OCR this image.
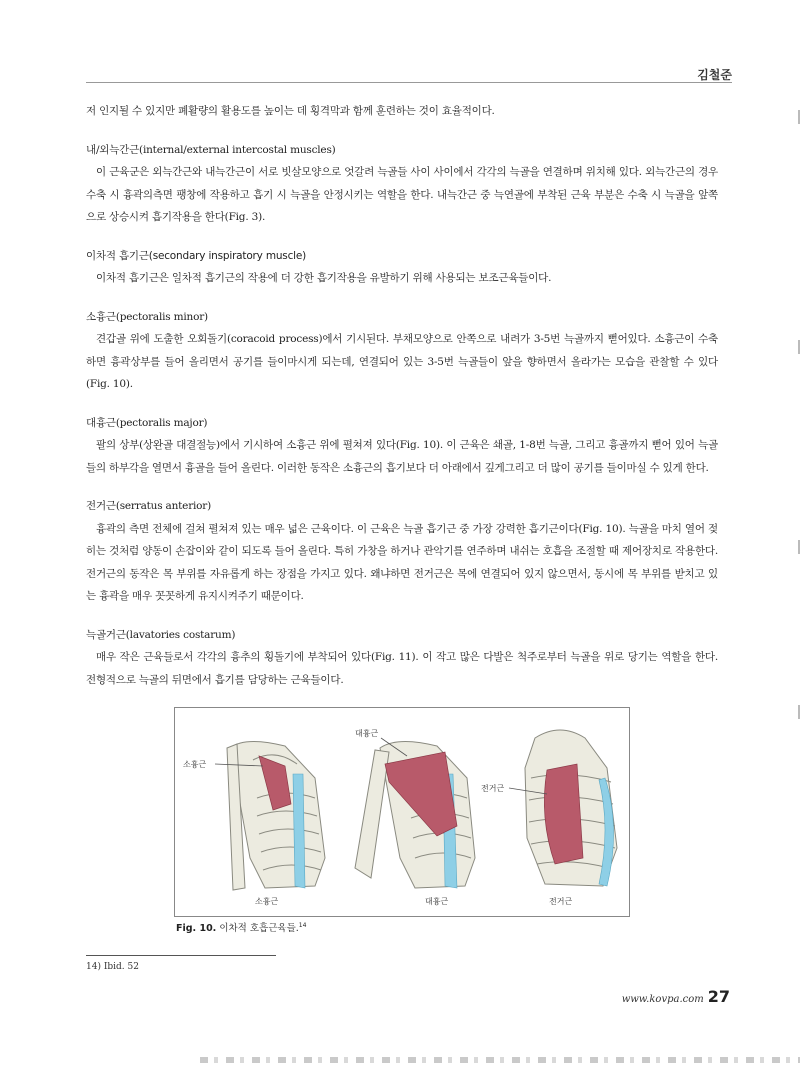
김철준

저 인지될 수 있지만 폐활량의 활용도를 높이는 데 횡격막과 함께 훈련하는 것이 효율적이다.

내/외늑간근(internal/external intercostal muscles)

이 근육군은 외늑간근와 내늑간근이 서로 빗살모양으로 엇갈려 늑골들 사이 사이에서 각각의 늑골을 연결하며 위치해 있다. 외늑간근의 경우 수축 시 흉곽의측면 팽창에 작용하고 흡기 시 늑골을 안정시키는 역할을 한다. 내늑간근 중 늑연골에 부착된 근육 부분은 수축 시 늑골을 앞쪽으로 상승시켜 흡기작용을 한다(Fig. 3).

이차적 흡기근(secondary inspiratory muscle)

이차적 흡기근은 일차적 흡기근의 작용에 더 강한 흡기작용을 유발하기 위해 사용되는 보조근육들이다.

소흉근(pectoralis minor)

견갑골 위에 도출한 오회돌기(coracoid process)에서 기시된다. 부채모양으로 안쪽으로 내려가 3-5번 늑골까지 뻗어있다. 소흉근이 수축하면 흉곽상부를 들어 올리면서 공기를 들이마시게 되는데, 연결되어 있는 3-5번 늑골들이 앞을 향하면서 올라가는 모습을 관찰할 수 있다(Fig. 10).

대흉근(pectoralis major)

팔의 상부(상완골 대결절능)에서 기시하여 소흉근 위에 펼쳐져 있다(Fig. 10). 이 근육은 쇄골, 1-8번 늑골, 그리고 흉골까지 뻗어 있어 늑골들의 하부각을 열면서 흉골을 들어 올린다. 이러한 동작은 소흉근의 흡기보다 더 아래에서 깊게그리고 더 많이 공기를 들이마실 수 있게 한다.

전거근(serratus anterior)

흉곽의 측면 전체에 걸쳐 펼쳐져 있는 매우 넓은 근육이다. 이 근육은 늑골 흡기근 중 가장 강력한 흡기근이다(Fig. 10). 늑골을 마치 열어 젖히는 것처럼 양동이 손잡이와 같이 되도록 들어 올린다. 특히 가창을 하거나 관악기를 연주하며 내쉬는 호흡을 조절할 때 제어장치로 작용한다. 전거근의 동작은 목 부위를 자유롭게 하는 장점을 가지고 있다. 왜냐하면 전거근은 목에 연결되어 있지 않으면서, 동시에 목 부위를 받치고 있는 흉곽을 매우 꼿꼿하게 유지시켜주기 때문이다.

늑골거근(lavatories costarum)

매우 작은 근육들로서 각각의 흉추의 횡돌기에 부착되어 있다(Fig. 11). 이 작고 많은 다발은 척주로부터 늑골을 위로 당기는 역할을 한다. 전형적으로 늑골의 뒤면에서 흡기를 담당하는 근육들이다.

소흉근
소흉근
대흉근
대흉근
전거근
전거근
Fig. 10. 이차적 호흡근육들.$^{14}$
14) Ibid. 52
www.kovpa.com 27
